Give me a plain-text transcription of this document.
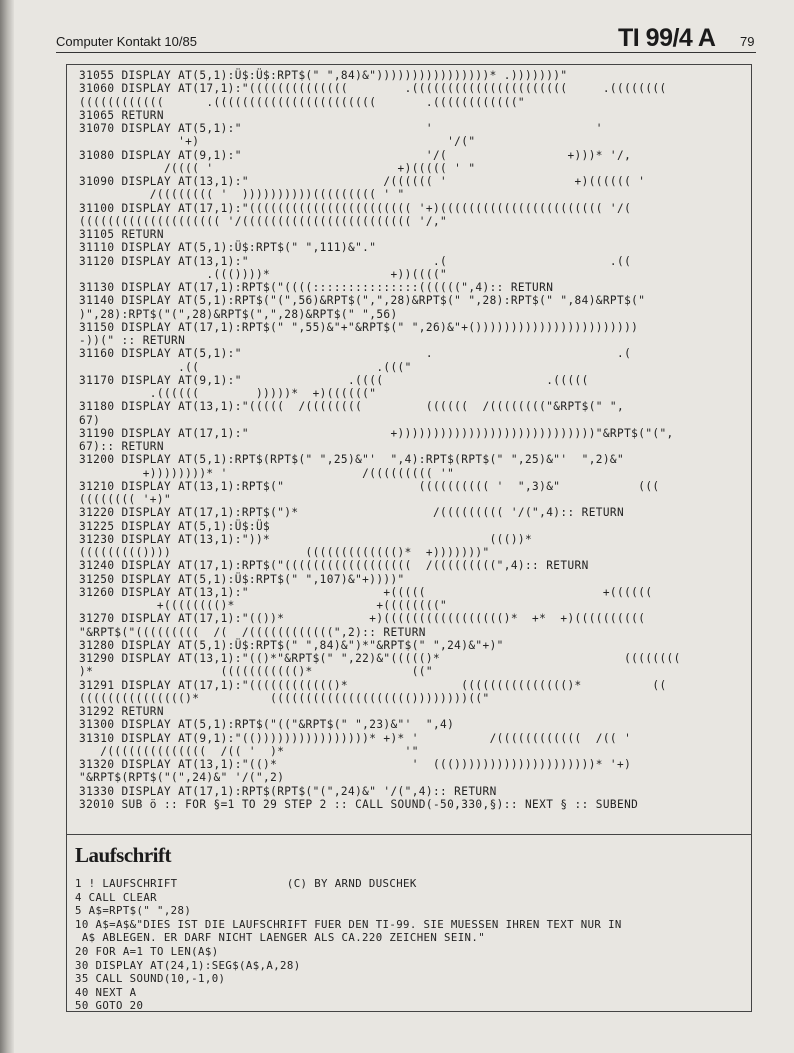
Computer Kontakt 10/85	TI 99/4 A 79
31055 DISPLAY AT(5,1):Ü$:Ü$:RPT$(" ",84)&"))))))))))))))))* .)))))))"
31060 DISPLAY AT(17,1):"((((((((((((((        .((((((((((((((((((((((     .((((((((
((((((((((((      .(((((((((((((((((((((((       .(((((((((((("
31065 RETURN
31070 DISPLAY AT(5,1):"                          '                       '
'+)                                   '/("
31080 DISPLAY AT(9,1):"                          '/(                 +)))* '/,
/(((( '                          +)((((( ' "
31090 DISPLAY AT(13,1):"                   /(((((( '                  +)(((((( '
/(((((((( '  ))))))))))((((((((( ' "
31100 DISPLAY AT(17,1):"((((((((((((((((((((((( '+)((((((((((((((((((((((( '/(
(((((((((((((((((((( '/(((((((((((((((((((((((( '/,"
31105 RETURN
31110 DISPLAY AT(5,1):Ü$:RPT$(" ",111)&"."
31120 DISPLAY AT(13,1):"                          .(                       .((
.((())))*                 +))(((("
31130 DISPLAY AT(17,1):RPT$("((((:::::::::::::::((((((",4):: RETURN
31140 DISPLAY AT(5,1):RPT$("(",56)&RPT$(",",28)&RPT$(" ",28):RPT$(" ",84)&RPT$("
)",28):RPT$("(",28)&RPT$(",",28)&RPT$(" ",56)
31150 DISPLAY AT(17,1):RPT$(" ",55)&"+"&RPT$(" ",26)&"+()))))))))))))))))))))))
-))(" :: RETURN
31160 DISPLAY AT(5,1):"                          .                          .(
.((                         .((("
31170 DISPLAY AT(9,1):"               .((((                       .(((((
.((((((        )))))*  +)(((((("
31180 DISPLAY AT(13,1):"(((((  /((((((((         ((((((  /(((((((("&RPT$(" ",
67)
31190 DISPLAY AT(17,1):"                    +))))))))))))))))))))))))))))"&RPT$("(",
67):: RETURN
31200 DISPLAY AT(5,1):RPT$(RPT$(" ",25)&"'  ",4):RPT$(RPT$(" ",25)&"'  ",2)&"
+))))))))* '                   /((((((((( '"
31210 DISPLAY AT(13,1):RPT$("                   (((((((((( '  ",3)&"           (((
(((((((( '+)"
31220 DISPLAY AT(17,1):RPT$(")*                   /((((((((( '/(",4):: RETURN
31225 DISPLAY AT(5,1):Ü$:Ü$
31230 DISPLAY AT(13,1):"))*                               ((())*
((((((((())))                   ((((((((((((()*  +)))))))"
31240 DISPLAY AT(17,1):RPT$("((((((((((((((((((  /(((((((((",4):: RETURN
31250 DISPLAY AT(5,1):Ü$:RPT$(" ",107)&"+))))"
31260 DISPLAY AT(13,1):"                   +(((((                         +((((((
+(((((((()*                    +(((((((("
31270 DISPLAY AT(17,1):"(())*            +)((((((((((((((((()*  +*  +)((((((((((
"&RPT$("(((((((((  /(  /((((((((((((",2):: RETURN
31280 DISPLAY AT(5,1):Ü$:RPT$(" ",84)&")*"&RPT$(" ",24)&"+)"
31290 DISPLAY AT(13,1):"(()*"&RPT$(" ",22)&"((((()*                          ((((((((
)*                  ((((((((((()*              (("
31291 DISPLAY AT(17,1):"(((((((((((()*                ((((((((((((((()*          ((
((((((((((((((()*          (((((((((((((((((((())))))))(("
31292 RETURN
31300 DISPLAY AT(5,1):RPT$("(("&RPT$(" ",23)&"'  ",4)
31310 DISPLAY AT(9,1):"(())))))))))))))))* +)* '          /((((((((((((  /(( '
/((((((((((((((  /(( '  )*                 '"
31320 DISPLAY AT(13,1):"(()*                   '  ((())))))))))))))))))))* '+)
"&RPT$(RPT$("(",24)&" '/(",2)
31330 DISPLAY AT(17,1):RPT$(RPT$("(",24)&" '/(",4):: RETURN
32010 SUB ö :: FOR §=1 TO 29 STEP 2 :: CALL SOUND(-50,330,§):: NEXT § :: SUBEND
Laufschrift
1 ! LAUFSCHRIFT                (C) BY ARND DUSCHEK
4 CALL CLEAR
5 A$=RPT$(" ",28)
10 A$=A$&"DIES IST DIE LAUFSCHRIFT FUER DEN TI-99. SIE MUESSEN IHREN TEXT NUR IN
A$ ABLEGEN. ER DARF NICHT LAENGER ALS CA.220 ZEICHEN SEIN."
20 FOR A=1 TO LEN(A$)
30 DISPLAY AT(24,1):SEG$(A$,A,28)
35 CALL SOUND(10,-1,0)
40 NEXT A
50 GOTO 20
